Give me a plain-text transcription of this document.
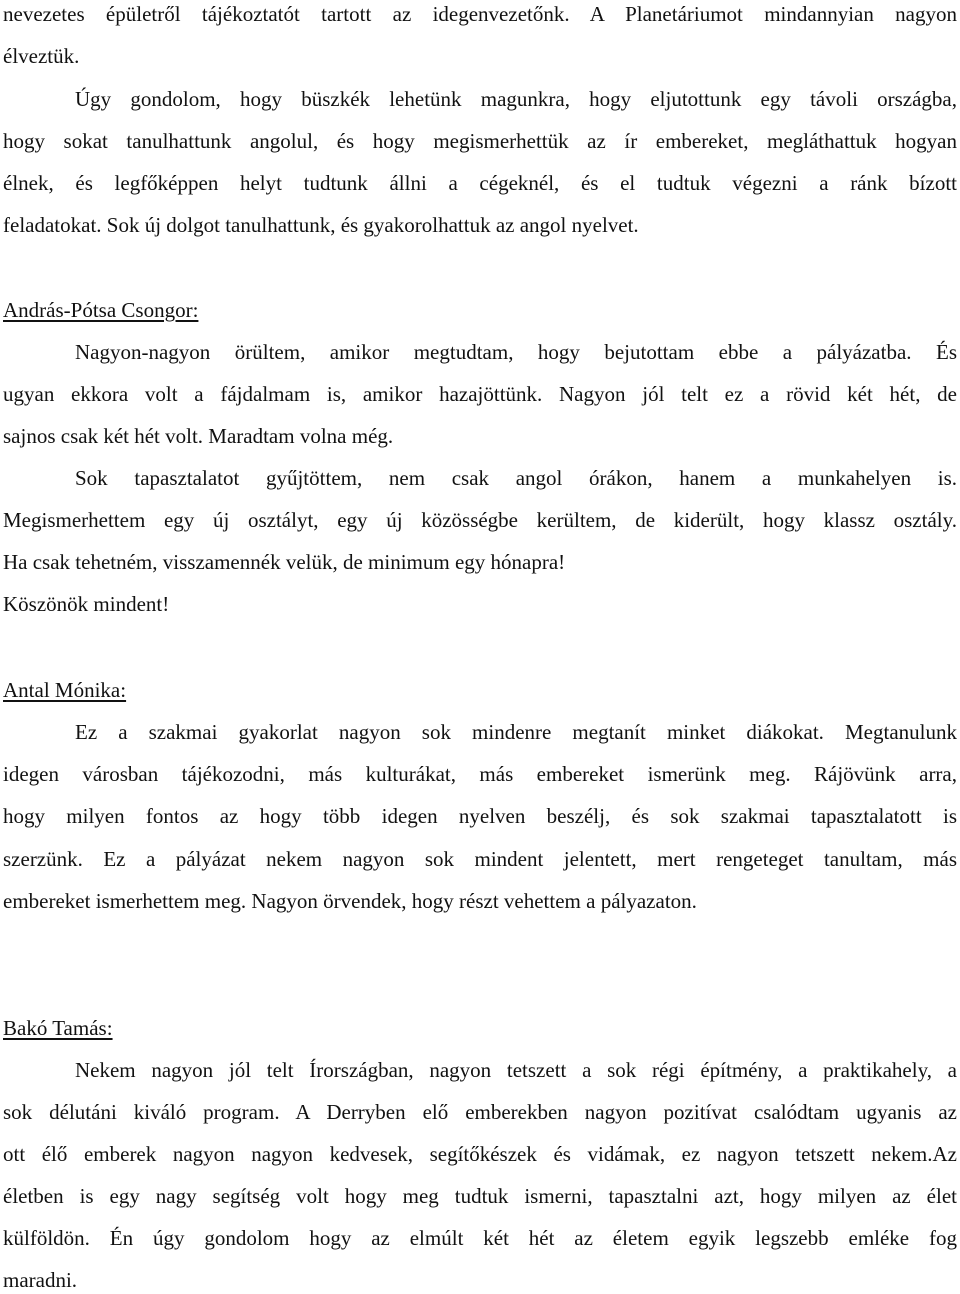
nevezetes épületről tájékoztatót tartott az idegenvezetőnk. A Planetáriumot mindannyian nagyon
élveztük.
Úgy gondolom, hogy büszkék lehetünk magunkra, hogy eljutottunk egy távoli országba,
hogy sokat tanulhattunk angolul, és hogy megismerhettük az ír embereket, megláthattuk hogyan
élnek, és legfőképpen helyt tudtunk állni a cégeknél, és el tudtuk végezni a ránk bízott
feladatokat. Sok új dolgot tanulhattunk, és gyakorolhattuk az angol nyelvet.
András-Pótsa Csongor:
Nagyon-nagyon örültem, amikor megtudtam, hogy bejutottam ebbe a pályázatba. És
ugyan ekkora volt a fájdalmam is, amikor hazajöttünk. Nagyon jól telt ez a rövid két hét, de
sajnos csak két hét volt. Maradtam volna még.
Sok tapasztalatot gyűjtöttem, nem csak angol órákon, hanem a munkahelyen is.
Megismerhettem egy új osztályt, egy új közösségbe kerültem, de kiderült, hogy klassz osztály.
Ha csak tehetném, visszamennék velük, de minimum egy hónapra!
Köszönök mindent!
Antal Mónika:
Ez a szakmai gyakorlat nagyon sok mindenre megtanít minket diákokat. Megtanulunk
idegen városban tájékozodni, más kulturákat, más embereket ismerünk meg. Rájövünk arra,
hogy milyen fontos az hogy több idegen nyelven beszélj, és sok szakmai tapasztalatott is
szerzünk. Ez a pályázat nekem nagyon sok mindent jelentett, mert rengeteget tanultam, más
embereket ismerhettem meg. Nagyon örvendek, hogy részt vehettem a pályazaton.
Bakó Tamás:
Nekem nagyon jól telt Írországban, nagyon tetszett a sok régi építmény, a praktikahely, a
sok délutáni kiváló program. A Derryben elő emberekben nagyon pozitívat csalódtam ugyanis az
ott élő emberek nagyon nagyon kedvesek, segítőkészek és vidámak, ez nagyon tetszett nekem.Az
életben is egy nagy segítség volt hogy meg tudtuk ismerni, tapasztalni azt, hogy milyen az élet
külföldön. Én úgy gondolom hogy az elmúlt két hét az életem egyik legszebb emléke fog
maradni.
